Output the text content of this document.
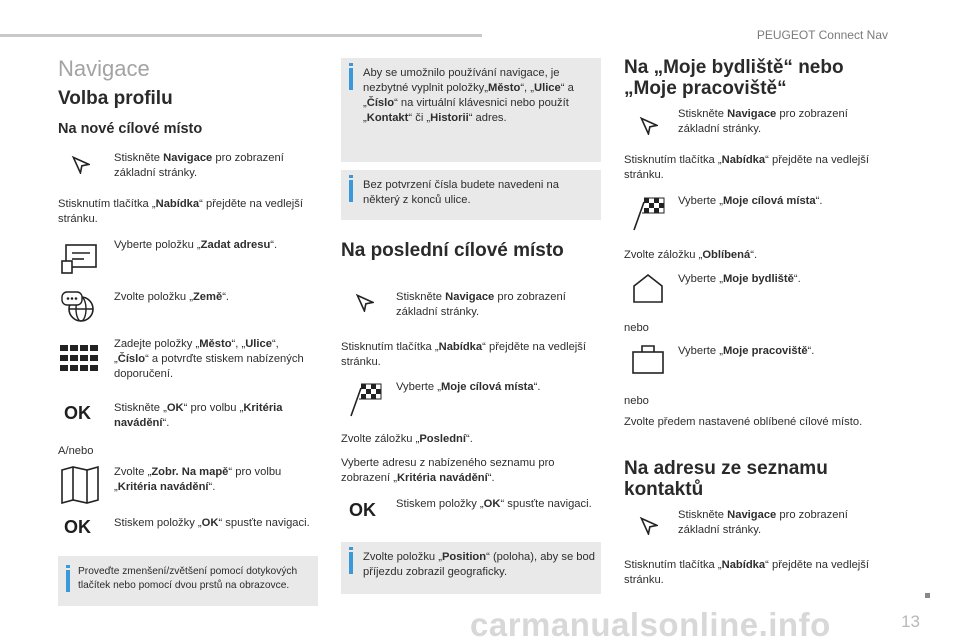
PEUGEOT Connect Nav
carmanualsonline.info	13
Navigace
Volba profilu
Na nové cílové místo
Stiskněte Navigace pro zobrazení základní stránky.
Stisknutím tlačítka „Nabídka“ přejděte na vedlejší stránku.
Vyberte položku „Zadat adresu“.
Zvolte položku „Země“.
Zadejte položky „Město“, „Ulice“, „Číslo“ a potvrďte stiskem nabízených doporučení.
OK Stiskněte „OK“ pro volbu „Kritéria navádění“.
A/nebo
Zvolte „Zobr. Na mapě“ pro volbu „Kritéria navádění“.
OK Stiskem položky „OK“ spusťte navigaci.
Proveďte zmenšení/zvětšení pomocí dotykových tlačítek nebo pomocí dvou prstů na obrazovce.
Aby se umožnilo používání navigace, je nezbytné vyplnit položky„Město“, „Ulice“ a „Číslo“ na virtuální klávesnici nebo použít „Kontakt“ či „Historii“ adres.
Bez potvrzení čísla budete navedeni na některý z konců ulice.
Na poslední cílové místo
Stiskněte Navigace pro zobrazení základní stránky.
Stisknutím tlačítka „Nabídka“ přejděte na vedlejší stránku.
Vyberte „Moje cílová místa“.
Zvolte záložku „Poslední“.
Vyberte adresu z nabízeného seznamu pro zobrazení „Kritéria navádění“.
OK Stiskem položky „OK“ spusťte navigaci.
Zvolte položku „Position“ (poloha), aby se bod příjezdu zobrazil geograficky.
Na „Moje bydliště“ nebo „Moje pracoviště“
Stiskněte Navigace pro zobrazení základní stránky.
Stisknutím tlačítka „Nabídka“ přejděte na vedlejší stránku.
Vyberte „Moje cílová místa“.
Zvolte záložku „Oblíbená“.
Vyberte „Moje bydliště“.
nebo
Vyberte „Moje pracoviště“.
nebo
Zvolte předem nastavené oblíbené cílové místo.
Na adresu ze seznamu kontaktů
Stiskněte Navigace pro zobrazení základní stránky.
Stisknutím tlačítka „Nabídka“ přejděte na vedlejší stránku.
